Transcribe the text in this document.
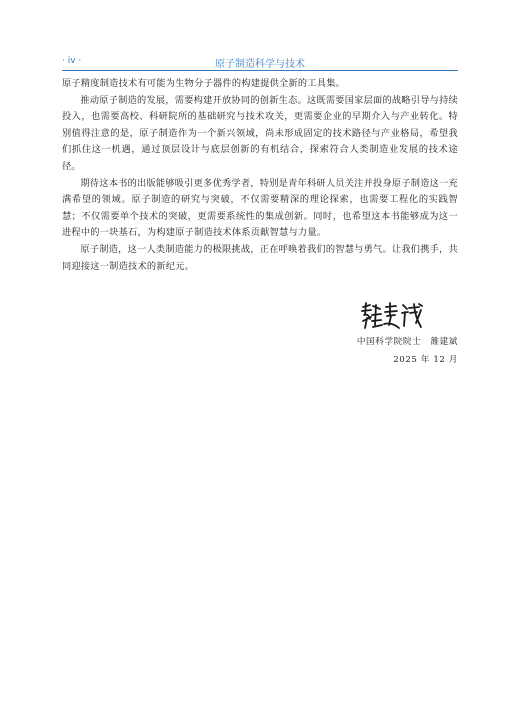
· iv ·	原子制造科学与技术

原子精度制造技术有可能为生物分子器件的构建提供全新的工具集。

推动原子制造的发展，需要构建开放协同的创新生态。这既需要国家层面的战略引导与持续投入，也需要高校、科研院所的基础研究与技术攻关，更需要企业的早期介入与产业转化。特别值得注意的是，原子制造作为一个新兴领域，尚未形成固定的技术路径与产业格局，希望我们抓住这一机遇，通过顶层设计与底层创新的有机结合，探索符合人类制造业发展的技术途径。

期待这本书的出版能够吸引更多优秀学者，特别是青年科研人员关注并投身原子制造这一充满希望的领域。原子制造的研究与突破，不仅需要精深的理论探索，也需要工程化的实践智慧；不仅需要单个技术的突破，更需要系统性的集成创新。同时，也希望这本书能够成为这一进程中的一块基石，为构建原子制造技术体系贡献智慧与力量。

原子制造，这一人类制造能力的极限挑战，正在呼唤着我们的智慧与勇气。让我们携手，共同迎接这一制造技术的新纪元。

中国科学院院士　雒建斌
2025 年 12 月
